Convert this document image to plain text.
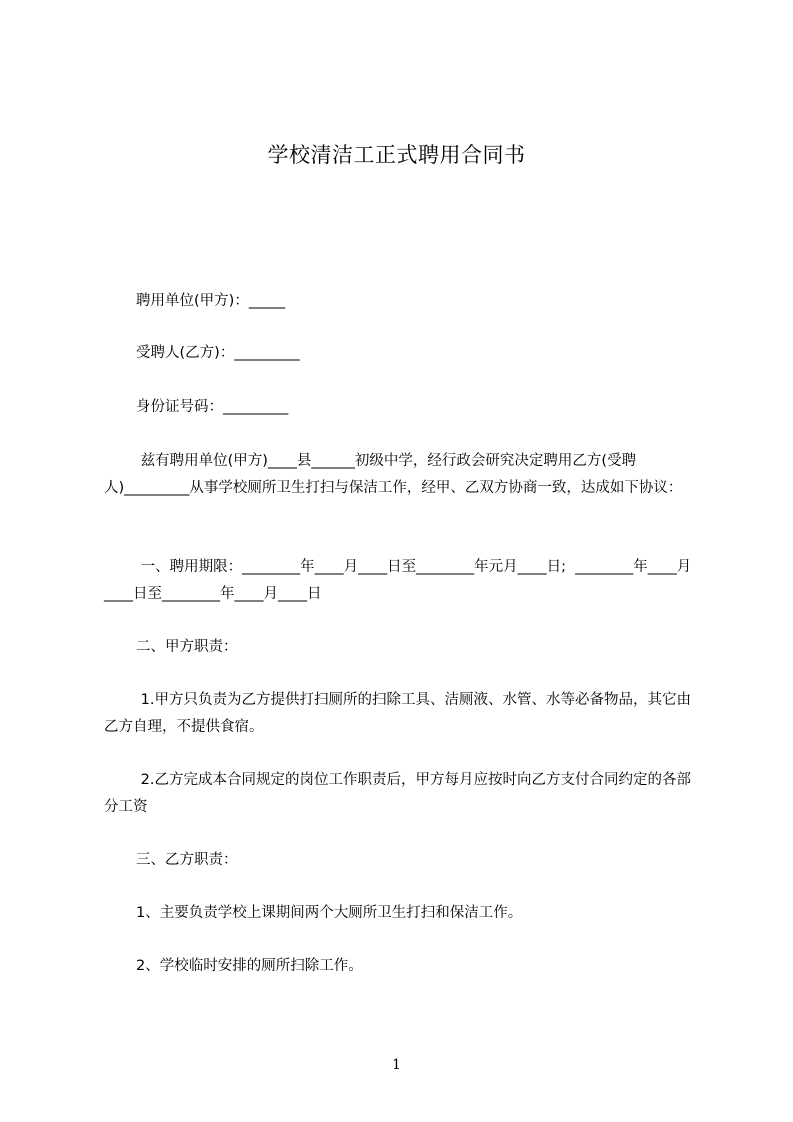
学校清洁工正式聘用合同书
聘用单位(甲方)：_____
受聘人(乙方)：_________
身份证号码：_________
兹有聘用单位(甲方)____县______初级中学，经行政会研究决定聘用乙方(受聘人)_________从事学校厕所卫生打扫与保洁工作，经甲、乙双方协商一致，达成如下协议：
一、聘用期限：________年____月____日至________年元月____日;  ________年____月____日至________年____月____日
二、甲方职责：
1.甲方只负责为乙方提供打扫厕所的扫除工具、洁厕液、水管、水等必备物品，其它由乙方自理，不提供食宿。
2.乙方完成本合同规定的岗位工作职责后，甲方每月应按时向乙方支付合同约定的各部分工资
三、乙方职责：
1、主要负责学校上课期间两个大厕所卫生打扫和保洁工作。
2、学校临时安排的厕所扫除工作。
1
